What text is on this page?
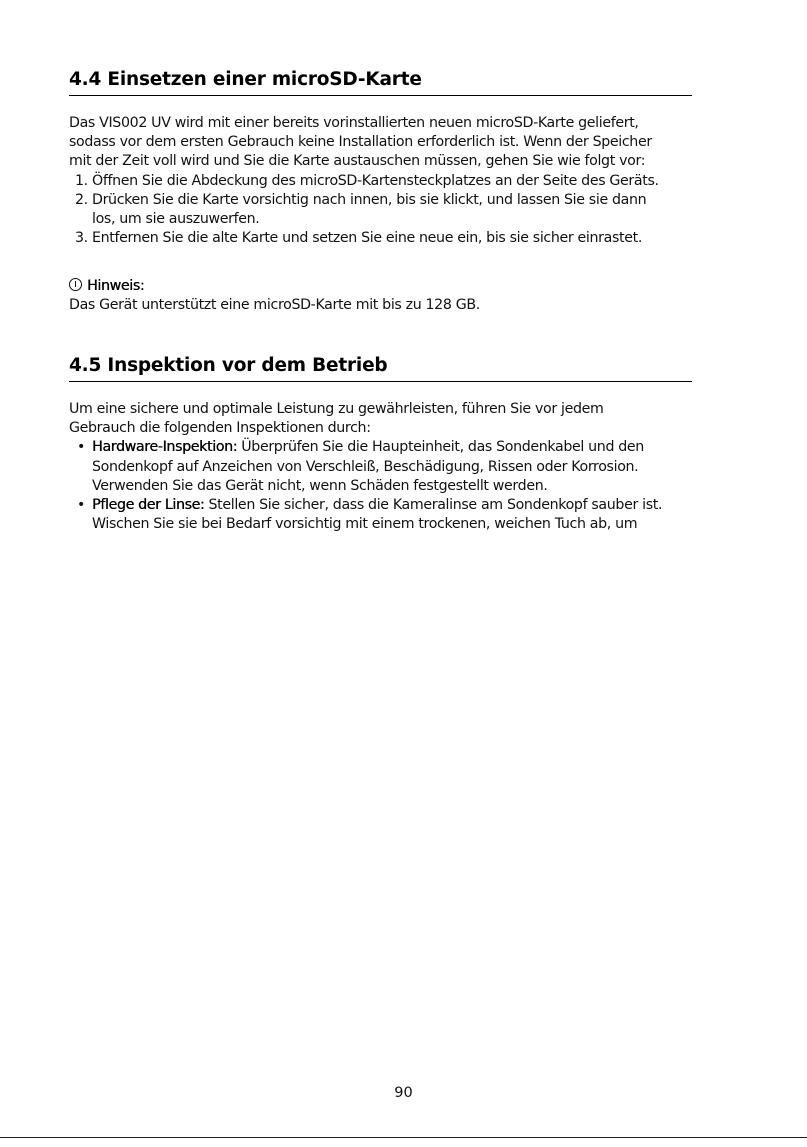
4.4 Einsetzen einer microSD-Karte

Das VIS002 UV wird mit einer bereits vorinstallierten neuen microSD-Karte geliefert,

sodass vor dem ersten Gebrauch keine Installation erforderlich ist. Wenn der Speicher

mit der Zeit voll wird und Sie die Karte austauschen müssen, gehen Sie wie folgt vor:

1. Öffnen Sie die Abdeckung des microSD-Kartensteckplatzes an der Seite des Geräts.
2. Drücken Sie die Karte vorsichtig nach innen, bis sie klickt, und lassen Sie sie dann
los, um sie auszuwerfen.
3. Entfernen Sie die alte Karte und setzen Sie eine neue ein, bis sie sicher einrastet.

Hinweis:

Das Gerät unterstützt eine microSD-Karte mit bis zu 128 GB.

4.5 Inspektion vor dem Betrieb

Um eine sichere und optimale Leistung zu gewährleisten, führen Sie vor jedem

Gebrauch die folgenden Inspektionen durch:

• Hardware-Inspektion: Überprüfen Sie die Haupteinheit, das Sondenkabel und den
Sondenkopf auf Anzeichen von Verschleiß, Beschädigung, Rissen oder Korrosion.
Verwenden Sie das Gerät nicht, wenn Schäden festgestellt werden.
• Pflege der Linse: Stellen Sie sicher, dass die Kameralinse am Sondenkopf sauber ist.
Wischen Sie sie bei Bedarf vorsichtig mit einem trockenen, weichen Tuch ab, um
90
